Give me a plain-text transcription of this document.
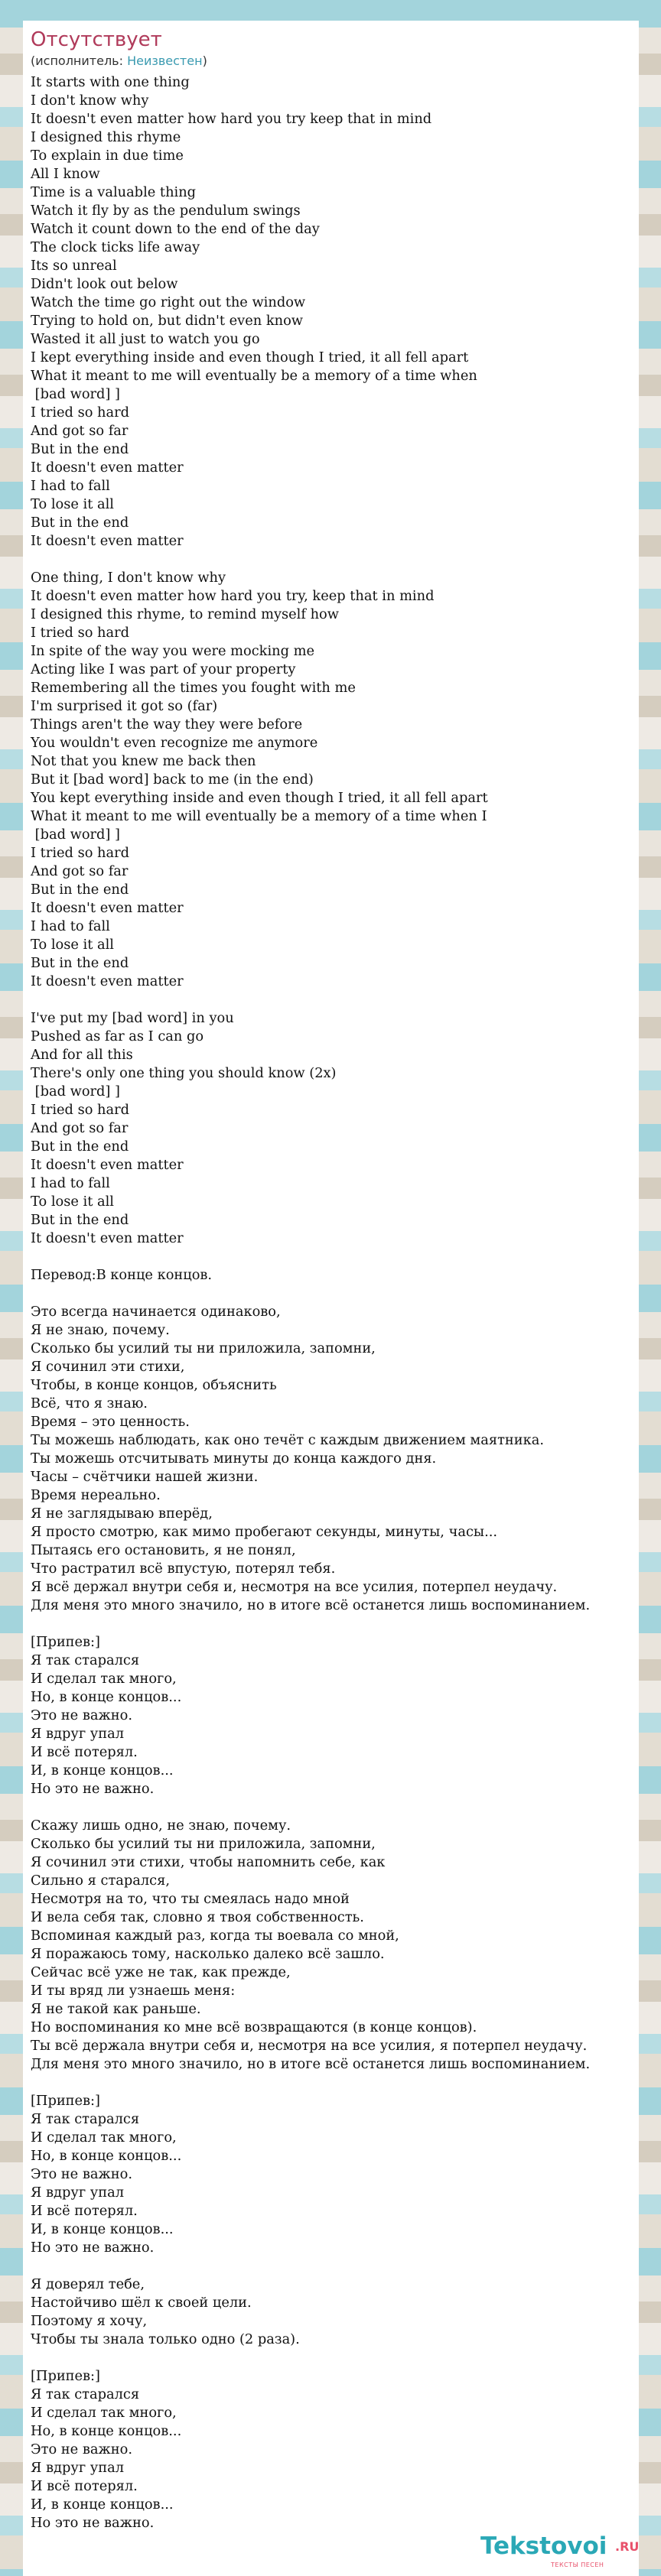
Отсутствует
(исполнитель: Неизвестен)
It starts with one thing
I don't know why
It doesn't even matter how hard you try keep that in mind
I designed this rhyme
To explain in due time
All I know
Time is a valuable thing
Watch it fly by as the pendulum swings
Watch it count down to the end of the day
The clock ticks life away
Its so unreal
Didn't look out below
Watch the time go right out the window
Trying to hold on, but didn't even know
Wasted it all just to watch you go
I kept everything inside and even though I tried, it all fell apart
What it meant to me will eventually be a memory of a time when
[bad word] ]
I tried so hard
And got so far
But in the end
It doesn't even matter
I had to fall
To lose it all
But in the end
It doesn't even matter

One thing, I don't know why
It doesn't even matter how hard you try, keep that in mind
I designed this rhyme, to remind myself how
I tried so hard
In spite of the way you were mocking me
Acting like I was part of your property
Remembering all the times you fought with me
I'm surprised it got so (far)
Things aren't the way they were before
You wouldn't even recognize me anymore
Not that you knew me back then
But it [bad word] back to me (in the end)
You kept everything inside and even though I tried, it all fell apart
What it meant to me will eventually be a memory of a time when I
[bad word] ]
I tried so hard
And got so far
But in the end
It doesn't even matter
I had to fall
To lose it all
But in the end
It doesn't even matter

I've put my [bad word] in you
Pushed as far as I can go
And for all this
There's only one thing you should know (2x)
[bad word] ]
I tried so hard
And got so far
But in the end
It doesn't even matter
I had to fall
To lose it all
But in the end
It doesn't even matter

Перевод:В конце концов.

Это всегда начинается одинаково,
Я не знаю, почему.
Сколько бы усилий ты ни приложила, запомни,
Я сочинил эти стихи,
Чтобы, в конце концов, объяснить
Всё, что я знаю.
Время – это ценность.
Ты можешь наблюдать, как оно течёт с каждым движением маятника.
Ты можешь отсчитывать минуты до конца каждого дня.
Часы – счётчики нашей жизни.
Время нереально.
Я не заглядываю вперёд,
Я просто смотрю, как мимо пробегают секунды, минуты, часы...
Пытаясь его остановить, я не понял,
Что растратил всё впустую, потерял тебя.
Я всё держал внутри себя и, несмотря на все усилия, потерпел неудачу.
Для меня это много значило, но в итоге всё останется лишь воспоминанием.

[Припев:]
Я так старался
И сделал так много,
Но, в конце концов...
Это не важно.
Я вдруг упал
И всё потерял.
И, в конце концов...
Но это не важно.

Скажу лишь одно, не знаю, почему.
Сколько бы усилий ты ни приложила, запомни,
Я сочинил эти стихи, чтобы напомнить себе, как
Сильно я старался,
Несмотря на то, что ты смеялась надо мной
И вела себя так, словно я твоя собственность.
Вспоминая каждый раз, когда ты воевала со мной,
Я поражаюсь тому, насколько далеко всё зашло.
Сейчас всё уже не так, как прежде,
И ты вряд ли узнаешь меня:
Я не такой как раньше.
Но воспоминания ко мне всё возвращаются (в конце концов).
Ты всё держала внутри себя и, несмотря на все усилия, я потерпел неудачу.
Для меня это много значило, но в итоге всё останется лишь воспоминанием.

[Припев:]
Я так старался
И сделал так много,
Но, в конце концов...
Это не важно.
Я вдруг упал
И всё потерял.
И, в конце концов...
Но это не важно.

Я доверял тебе,
Настойчиво шёл к своей цели.
Поэтому я хочу,
Чтобы ты знала только одно (2 раза).

[Припев:]
Я так старался
И сделал так много,
Но, в конце концов...
Это не важно.
Я вдруг упал
И всё потерял.
И, в конце концов...
Но это не важно.

Tekstovoi .RU
ТЕКСТЫ ПЕСЕН
